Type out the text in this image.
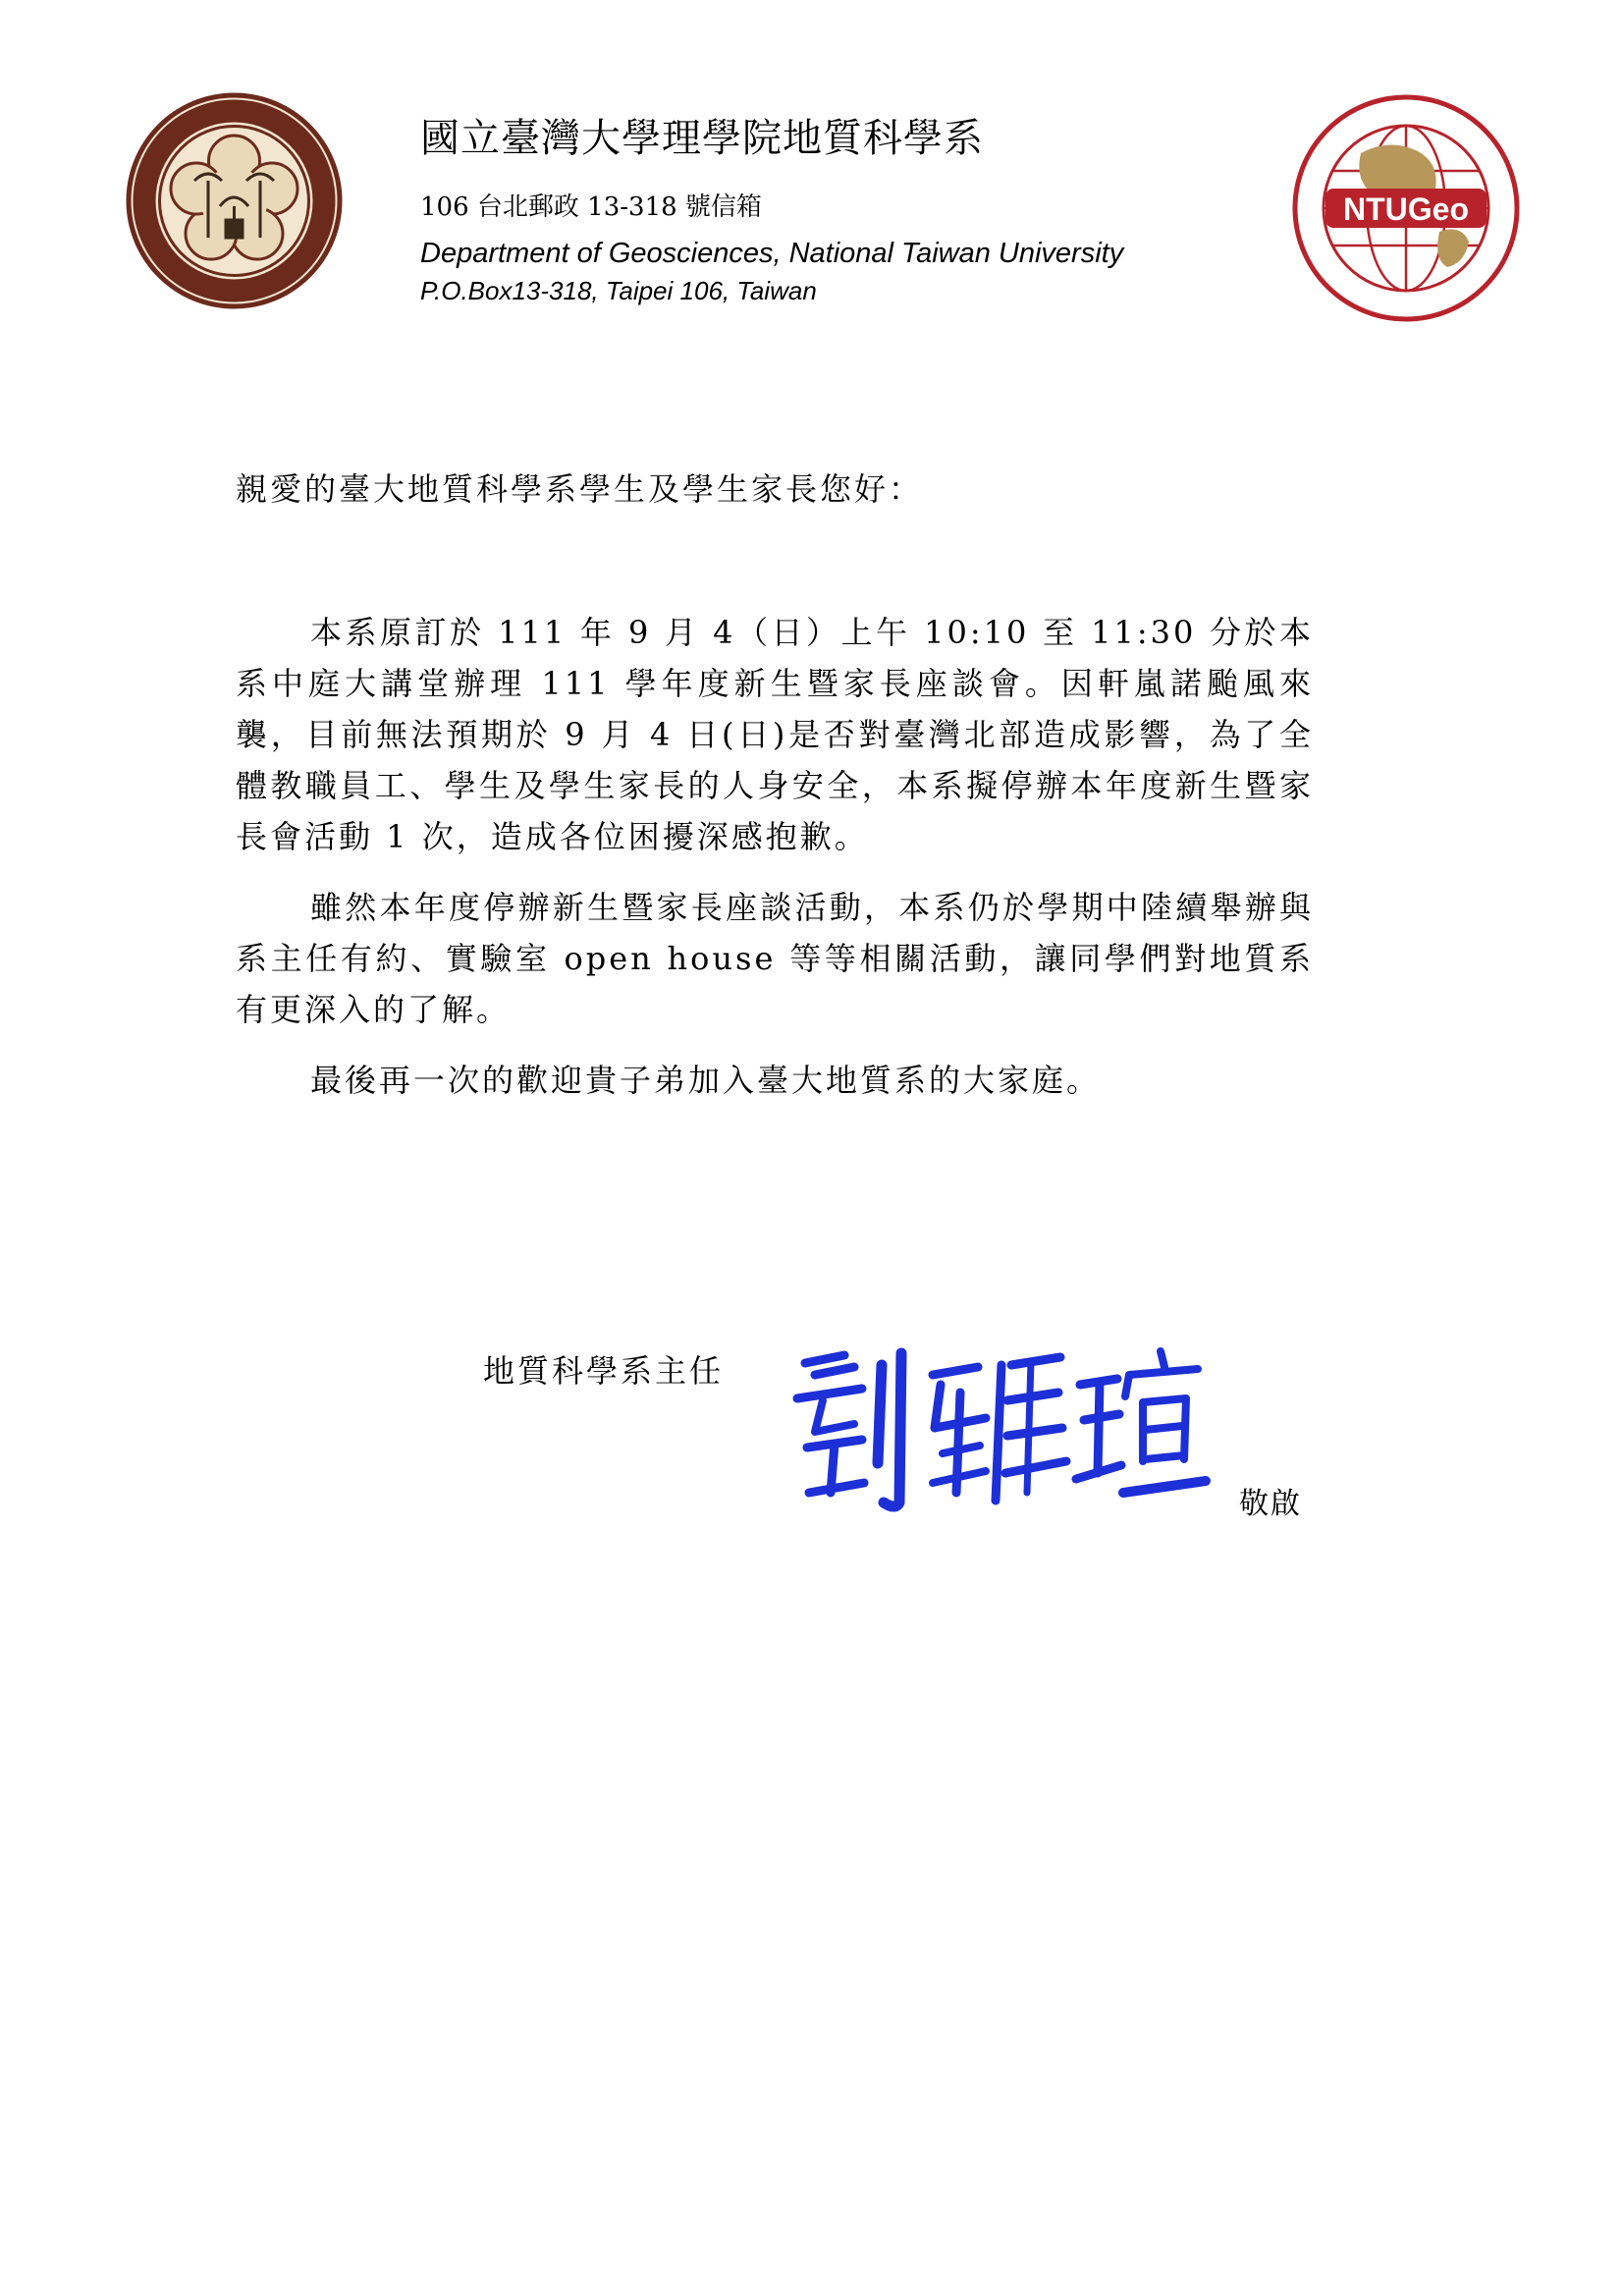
國立臺灣大學理學院地質科學系
106 台北郵政 13-318 號信箱
Department of Geosciences, National Taiwan University
P.O.Box13-318, Taipei 106, Taiwan
NTUGeo
親愛的臺大地質科學系學生及學生家長您好：

本系原訂於 111 年 9 月 4（日）上午 10:10 至 11:30 分於本系中庭大講堂辦理 111 學年度新生暨家長座談會。因軒嵐諾颱風來襲，目前無法預期於 9 月 4 日(日)是否對臺灣北部造成影響，為了全體教職員工、學生及學生家長的人身安全，本系擬停辦本年度新生暨家長會活動 1 次，造成各位困擾深感抱歉。

雖然本年度停辦新生暨家長座談活動，本系仍於學期中陸續舉辦與系主任有約、實驗室 open house 等等相關活動，讓同學們對地質系有更深入的了解。

最後再一次的歡迎貴子弟加入臺大地質系的大家庭。

地質科學系主任
敬啟
